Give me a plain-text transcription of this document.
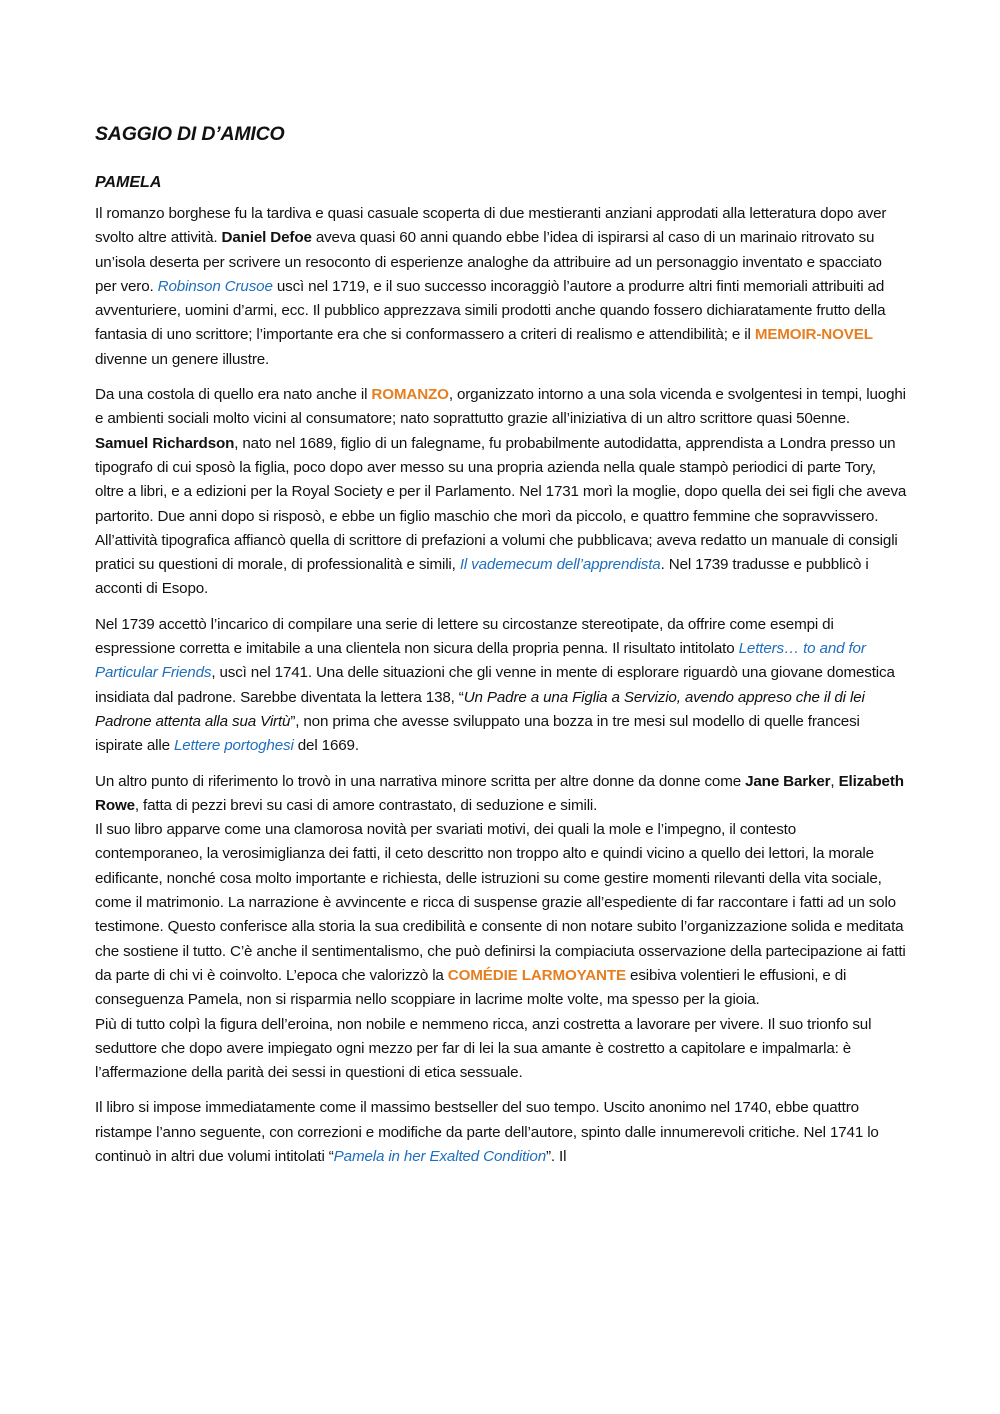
SAGGIO DI D’AMICO
PAMELA

Il romanzo borghese fu la tardiva e quasi casuale scoperta di due mestieranti anziani approdati alla letteratura dopo aver svolto altre attività. Daniel Defoe aveva quasi 60 anni quando ebbe l’idea di ispirarsi al caso di un marinaio ritrovato su un’isola deserta per scrivere un resoconto di esperienze analoghe da attribuire ad un personaggio inventato e spacciato per vero. Robinson Crusoe uscì nel 1719, e il suo successo incoraggiò l’autore a produrre altri finti memoriali attribuiti ad avventuriere, uomini d’armi, ecc. Il pubblico apprezzava simili prodotti anche quando fossero dichiaratamente frutto della fantasia di uno scrittore; l’importante era che si conformassero a criteri di realismo e attendibilità; e il MEMOIR-NOVEL divenne un genere illustre.

Da una costola di quello era nato anche il ROMANZO, organizzato intorno a una sola vicenda e svolgentesi in tempi, luoghi e ambienti sociali molto vicini al consumatore; nato soprattutto grazie all’iniziativa di un altro scrittore quasi 50enne.
Samuel Richardson, nato nel 1689, figlio di un falegname, fu probabilmente autodidatta, apprendista a Londra presso un tipografo di cui sposò la figlia, poco dopo aver messo su una propria azienda nella quale stampò periodici di parte Tory, oltre a libri, e a edizioni per la Royal Society e per il Parlamento. Nel 1731 morì la moglie, dopo quella dei sei figli che aveva partorito. Due anni dopo si risposò, e ebbe un figlio maschio che morì da piccolo, e quattro femmine che sopravvissero. All’attività tipografica affiancò quella di scrittore di prefazioni a volumi che pubblicava; aveva redatto un manuale di consigli pratici su questioni di morale, di professionalità e simili, Il vademecum dell’apprendista. Nel 1739 tradusse e pubblicò i acconti di Esopo.

Nel 1739 accettò l’incarico di compilare una serie di lettere su circostanze stereotipate, da offrire come esempi di espressione corretta e imitabile a una clientela non sicura della propria penna. Il risultato intitolato Letters… to and for Particular Friends, uscì nel 1741. Una delle situazioni che gli venne in mente di esplorare riguardò una giovane domestica insidiata dal padrone. Sarebbe diventata la lettera 138, “Un Padre a una Figlia a Servizio, avendo appreso che il di lei Padrone attenta alla sua Virtù”, non prima che avesse sviluppato una bozza in tre mesi sul modello di quelle francesi ispirate alle Lettere portoghesi del 1669.

Un altro punto di riferimento lo trovò in una narrativa minore scritta per altre donne da donne come Jane Barker, Elizabeth Rowe, fatta di pezzi brevi su casi di amore contrastato, di seduzione e simili.
Il suo libro apparve come una clamorosa novità per svariati motivi, dei quali la mole e l’impegno, il contesto contemporaneo, la verosimiglianza dei fatti, il ceto descritto non troppo alto e quindi vicino a quello dei lettori, la morale edificante, nonché cosa molto importante e richiesta, delle istruzioni su come gestire momenti rilevanti della vita sociale, come il matrimonio. La narrazione è avvincente e ricca di suspense grazie all’espediente di far raccontare i fatti ad un solo testimone. Questo conferisce alla storia la sua credibilità e consente di non notare subito l’organizzazione solida e meditata che sostiene il tutto. C’è anche il sentimentalismo, che può definirsi la compiaciuta osservazione della partecipazione ai fatti da parte di chi vi è coinvolto. L’epoca che valorizzò la COMÉDIE LARMOYANTE esibiva volentieri le effusioni, e di conseguenza Pamela, non si risparmia nello scoppiare in lacrime molte volte, ma spesso per la gioia.
Più di tutto colpì la figura dell’eroina, non nobile e nemmeno ricca, anzi costretta a lavorare per vivere. Il suo trionfo sul seduttore che dopo avere impiegato ogni mezzo per far di lei la sua amante è costretto a capitolare e impalmarla: è l’affermazione della parità dei sessi in questioni di etica sessuale.

Il libro si impose immediatamente come il massimo bestseller del suo tempo. Uscito anonimo nel 1740, ebbe quattro ristampe l’anno seguente, con correzioni e modifiche da parte dell’autore, spinto dalle innumerevoli critiche. Nel 1741 lo continuò in altri due volumi intitolati “Pamela in her Exalted Condition”. Il
